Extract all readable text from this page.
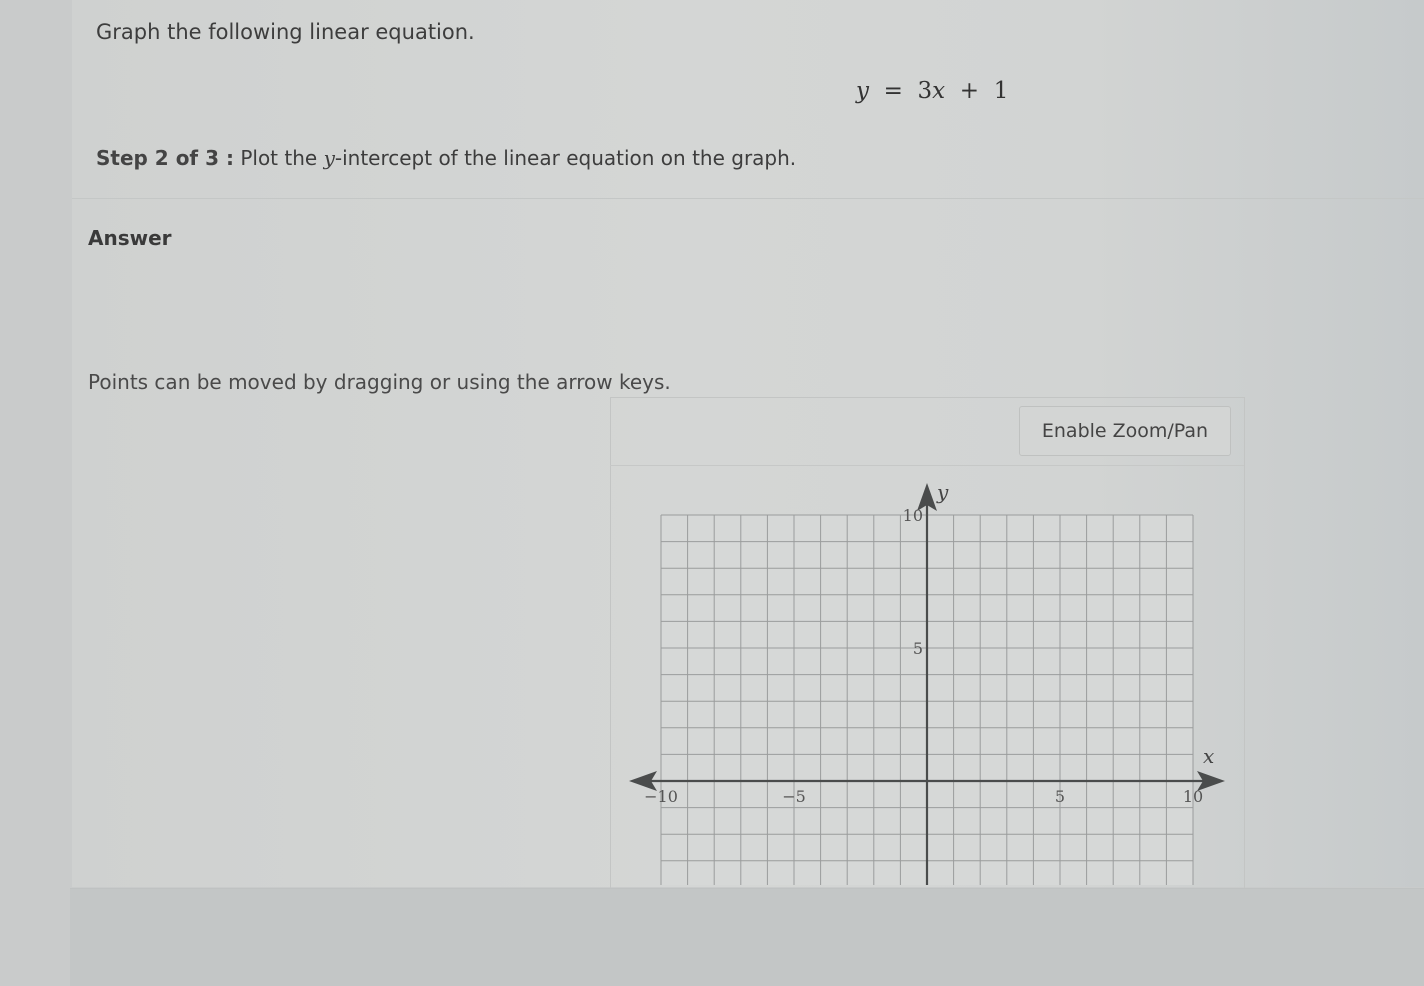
Graph the following linear equation.
y = 3x + 1
Step 2 of 3 : Plot the y-intercept of the linear equation on the graph.
Answer
Points can be moved by dragging or using the arrow keys.
Enable Zoom/Pan
x
y
−10	−5	5	10
5
10
